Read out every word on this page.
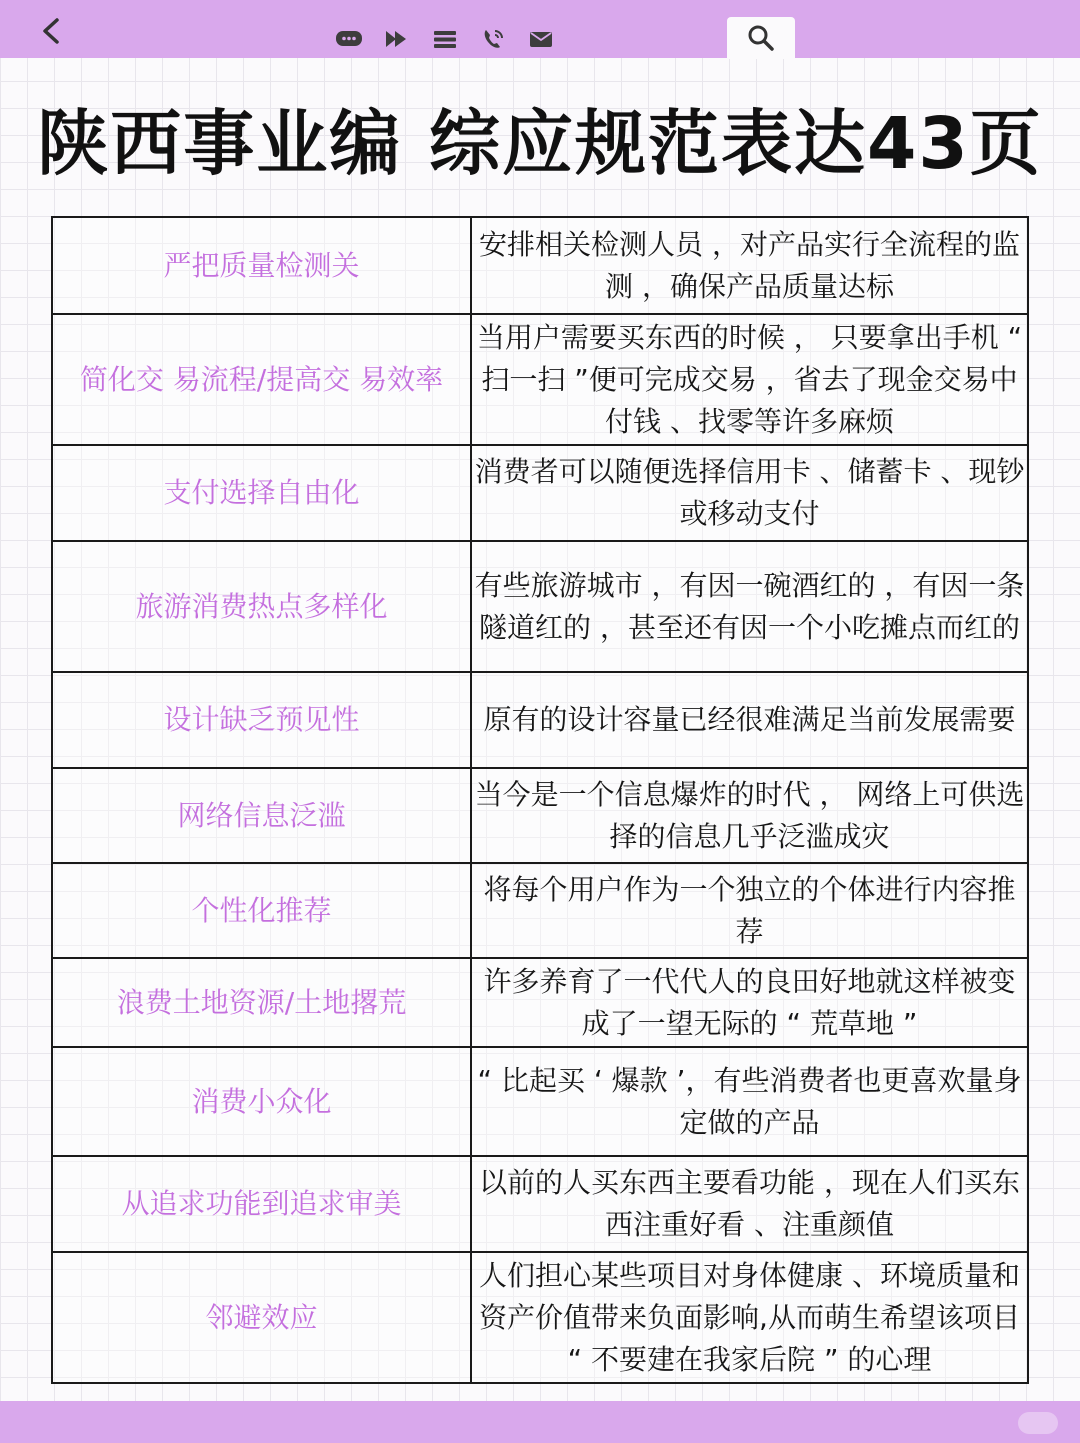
陕西事业编 综应规范表达43页
严把质量检测关	安排相关检测人员 ，对产品实行全流程的监测 ，确保产品质量达标
简化交 易流程/提高交 易效率	当用户需要买东西的时候 ， 只要拿出手机 “ 扫一扫 ”便可完成交易 ，省去了现金交易中付钱 、找零等许多麻烦
支付选择自由化	消费者可以随便选择信用卡 、储蓄卡 、现钞或移动支付
旅游消费热点多样化	有些旅游城市 ，有因一碗酒红的 ，有因一条隧道红的 ，甚至还有因一个小吃摊点而红的
设计缺乏预见性	原有的设计容量已经很难满足当前发展需要
网络信息泛滥	当今是一个信息爆炸的时代 ， 网络上可供选择的信息几乎泛滥成灾
个性化推荐	将每个用户作为一个独立的个体进行内容推荐
浪费土地资源/土地撂荒	许多养育了一代代人的良田好地就这样被变成了一望无际的 “ 荒草地 ”
消费小众化	“ 比起买 ‘ 爆款 ’，有些消费者也更喜欢量身定做的产品
从追求功能到追求审美	以前的人买东西主要看功能 ，现在人们买东西注重好看 、注重颜值
邻避效应	人们担心某些项目对身体健康 、环境质量和资产价值带来负面影响,从而萌生希望该项目 “ 不要建在我家后院 ” 的心理
